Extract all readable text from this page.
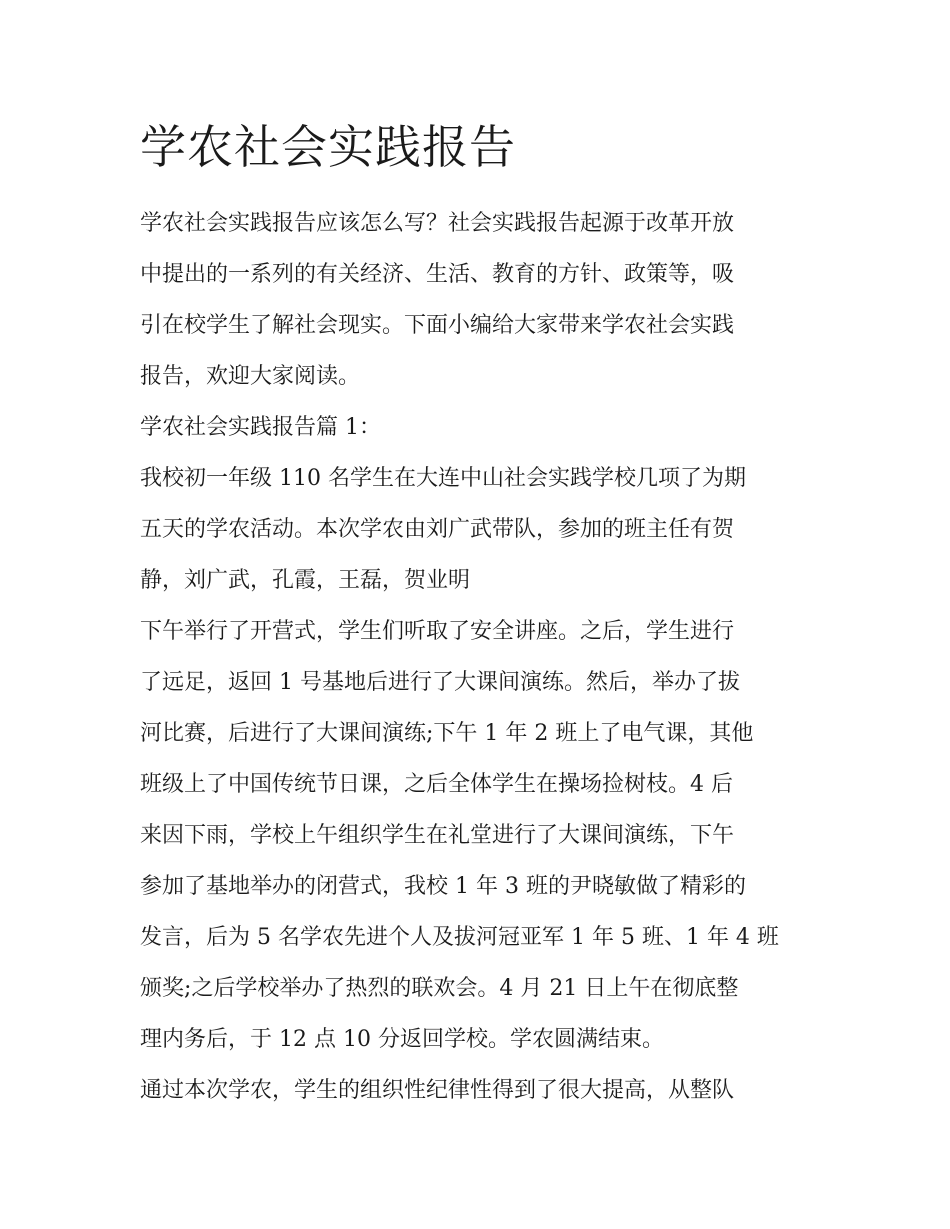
学农社会实践报告

学农社会实践报告应该怎么写？社会实践报告起源于改革开放
中提出的一系列的有关经济、生活、教育的方针、政策等，吸
引在校学生了解社会现实。下面小编给大家带来学农社会实践
报告，欢迎大家阅读。

学农社会实践报告篇 1：

我校初一年级 110 名学生在大连中山社会实践学校几项了为期
五天的学农活动。本次学农由刘广武带队，参加的班主任有贺
静，刘广武，孔霞，王磊，贺业明

下午举行了开营式，学生们听取了安全讲座。之后，学生进行
了远足，返回 1 号基地后进行了大课间演练。然后，举办了拔
河比赛，后进行了大课间演练;下午 1 年 2 班上了电气课，其他
班级上了中国传统节日课，之后全体学生在操场捡树枝。4 后
来因下雨，学校上午组织学生在礼堂进行了大课间演练，下午
参加了基地举办的闭营式，我校 1 年 3 班的尹晓敏做了精彩的
发言，后为 5 名学农先进个人及拔河冠亚军 1 年 5 班、1 年 4 班
颁奖;之后学校举办了热烈的联欢会。4 月 21 日上午在彻底整
理内务后，于 12 点 10 分返回学校。学农圆满结束。

通过本次学农，学生的组织性纪律性得到了很大提高，从整队
